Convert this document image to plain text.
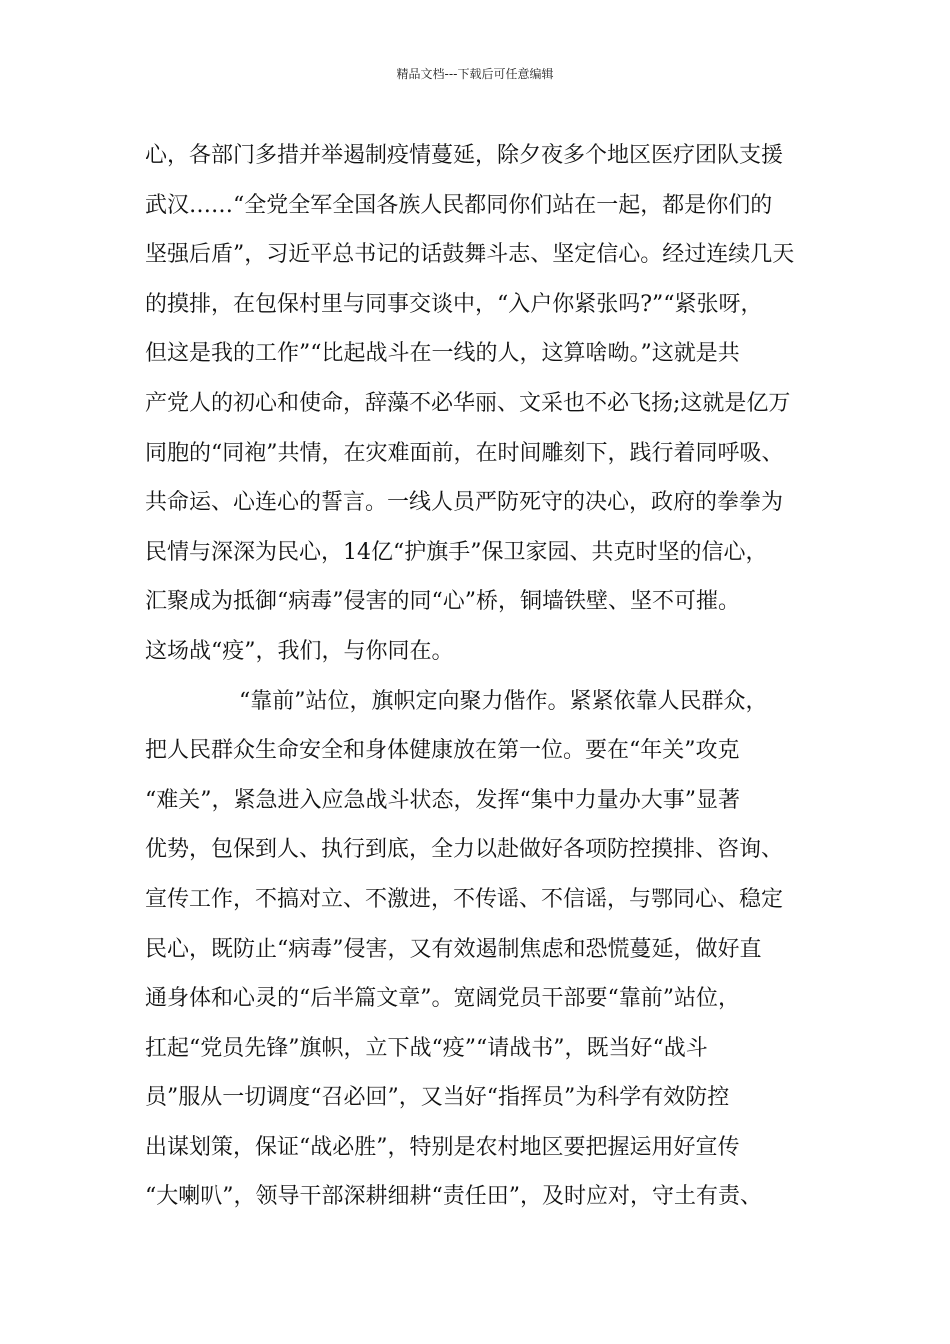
精品文档---下载后可任意编辑
心，各部门多措并举遏制疫情蔓延，除夕夜多个地区医疗团队支援
武汉……“全党全军全国各族人民都同你们站在一起，都是你们的
坚强后盾”，习近平总书记的话鼓舞斗志、坚定信心。经过连续几天
的摸排，在包保村里与同事交谈中，“入户你紧张吗?”“紧张呀，
但这是我的工作”“比起战斗在一线的人，这算啥呦。”这就是共
产党人的初心和使命，辞藻不必华丽、文采也不必飞扬;这就是亿万
同胞的“同袍”共情，在灾难面前，在时间雕刻下，践行着同呼吸、
共命运、心连心的誓言。一线人员严防死守的决心，政府的拳拳为
民情与深深为民心，14亿“护旗手”保卫家园、共克时坚的信心，
汇聚成为抵御“病毒”侵害的同“心”桥，铜墙铁壁、坚不可摧。
这场战“疫”，我们，与你同在。
“靠前”站位，旗帜定向聚力偕作。紧紧依靠人民群众，
把人民群众生命安全和身体健康放在第一位。要在“年关”攻克
“难关”，紧急进入应急战斗状态，发挥“集中力量办大事”显著
优势，包保到人、执行到底，全力以赴做好各项防控摸排、咨询、
宣传工作，不搞对立、不激进，不传谣、不信谣，与鄂同心、稳定
民心，既防止“病毒”侵害，又有效遏制焦虑和恐慌蔓延，做好直
通身体和心灵的“后半篇文章”。宽阔党员干部要“靠前”站位，
扛起“党员先锋”旗帜，立下战“疫”“请战书”，既当好“战斗
员”服从一切调度“召必回”，又当好“指挥员”为科学有效防控
出谋划策，保证“战必胜”，特别是农村地区要把握运用好宣传
“大喇叭”，领导干部深耕细耕“责任田”，及时应对，守土有责、
